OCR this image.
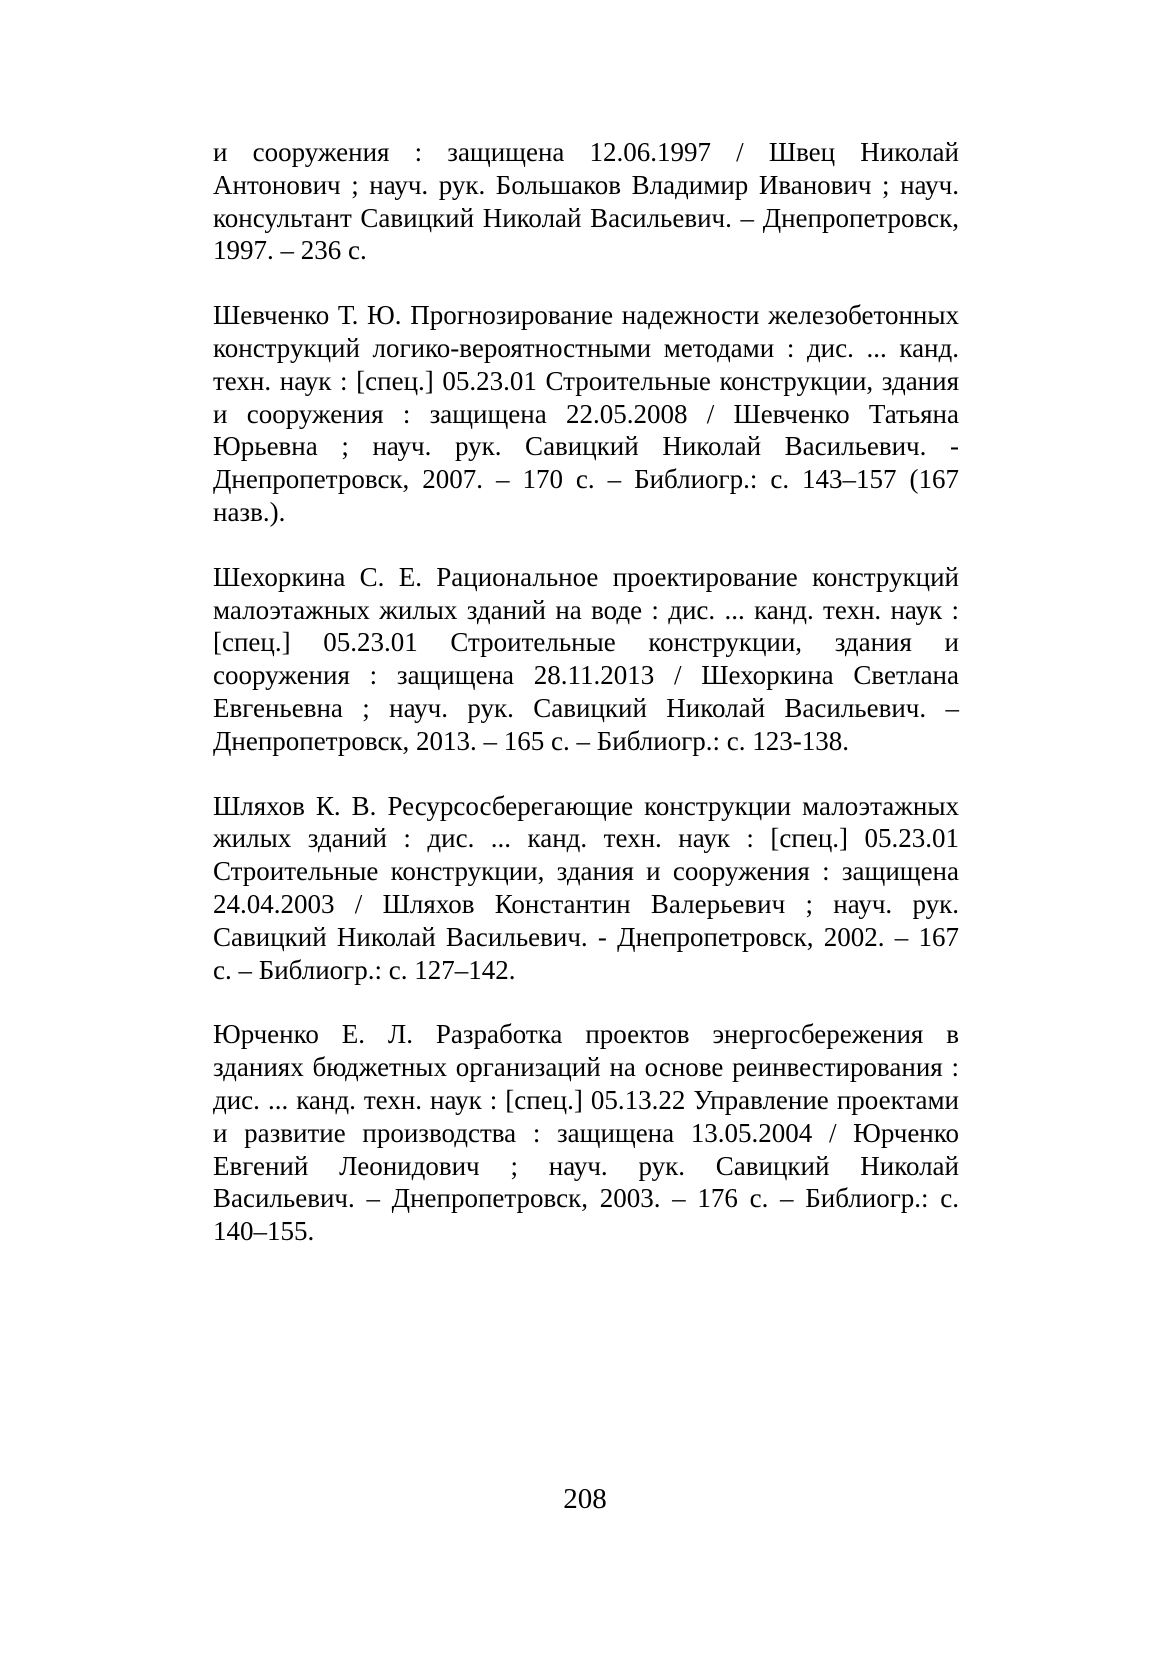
и сооружения : защищена 12.06.1997 / Швец Николай Антонович ; науч. рук. Большаков Владимир Иванович ; науч. консультант Савицкий Николай Васильевич. – Днепропетровск, 1997. – 236 с.

Шевченко Т. Ю. Прогнозирование надежности железобетонных конструкций логико-вероятностными методами : дис. ... канд. техн. наук : [спец.] 05.23.01 Строительные конструкции, здания и сооружения : защищена 22.05.2008 / Шевченко Татьяна Юрьевна ; науч. рук. Савицкий Николай Васильевич. - Днепропетровск, 2007. – 170 с. – Библиогр.: с. 143–157 (167 назв.).

Шехоркина С. Е. Рациональное проектирование конструкций малоэтажных жилых зданий на воде : дис. ... канд. техн. наук : [спец.] 05.23.01 Строительные конструкции, здания и сооружения : защищена 28.11.2013 / Шехоркина Светлана Евгеньевна ; науч. рук. Савицкий Николай Васильевич. – Днепропетровск, 2013. – 165 с. – Библиогр.: с. 123-138.

Шляхов К. В. Ресурсосберегающие конструкции малоэтажных жилых зданий : дис. ... канд. техн. наук : [спец.] 05.23.01 Строительные конструкции, здания и сооружения : защищена 24.04.2003 / Шляхов Константин Валерьевич ; науч. рук. Савицкий Николай Васильевич. - Днепропетровск, 2002. – 167 с. – Библиогр.: с. 127–142.

Юрченко Е. Л. Разработка проектов энергосбережения в зданиях бюджетных организаций на основе реинвестирования : дис. ... канд. техн. наук : [спец.] 05.13.22 Управление проектами и развитие производства : защищена 13.05.2004 / Юрченко Евгений Леонидович ; науч. рук. Савицкий Николай Васильевич. – Днепропетровск, 2003. – 176 с. – Библиогр.: с. 140–155.

208
